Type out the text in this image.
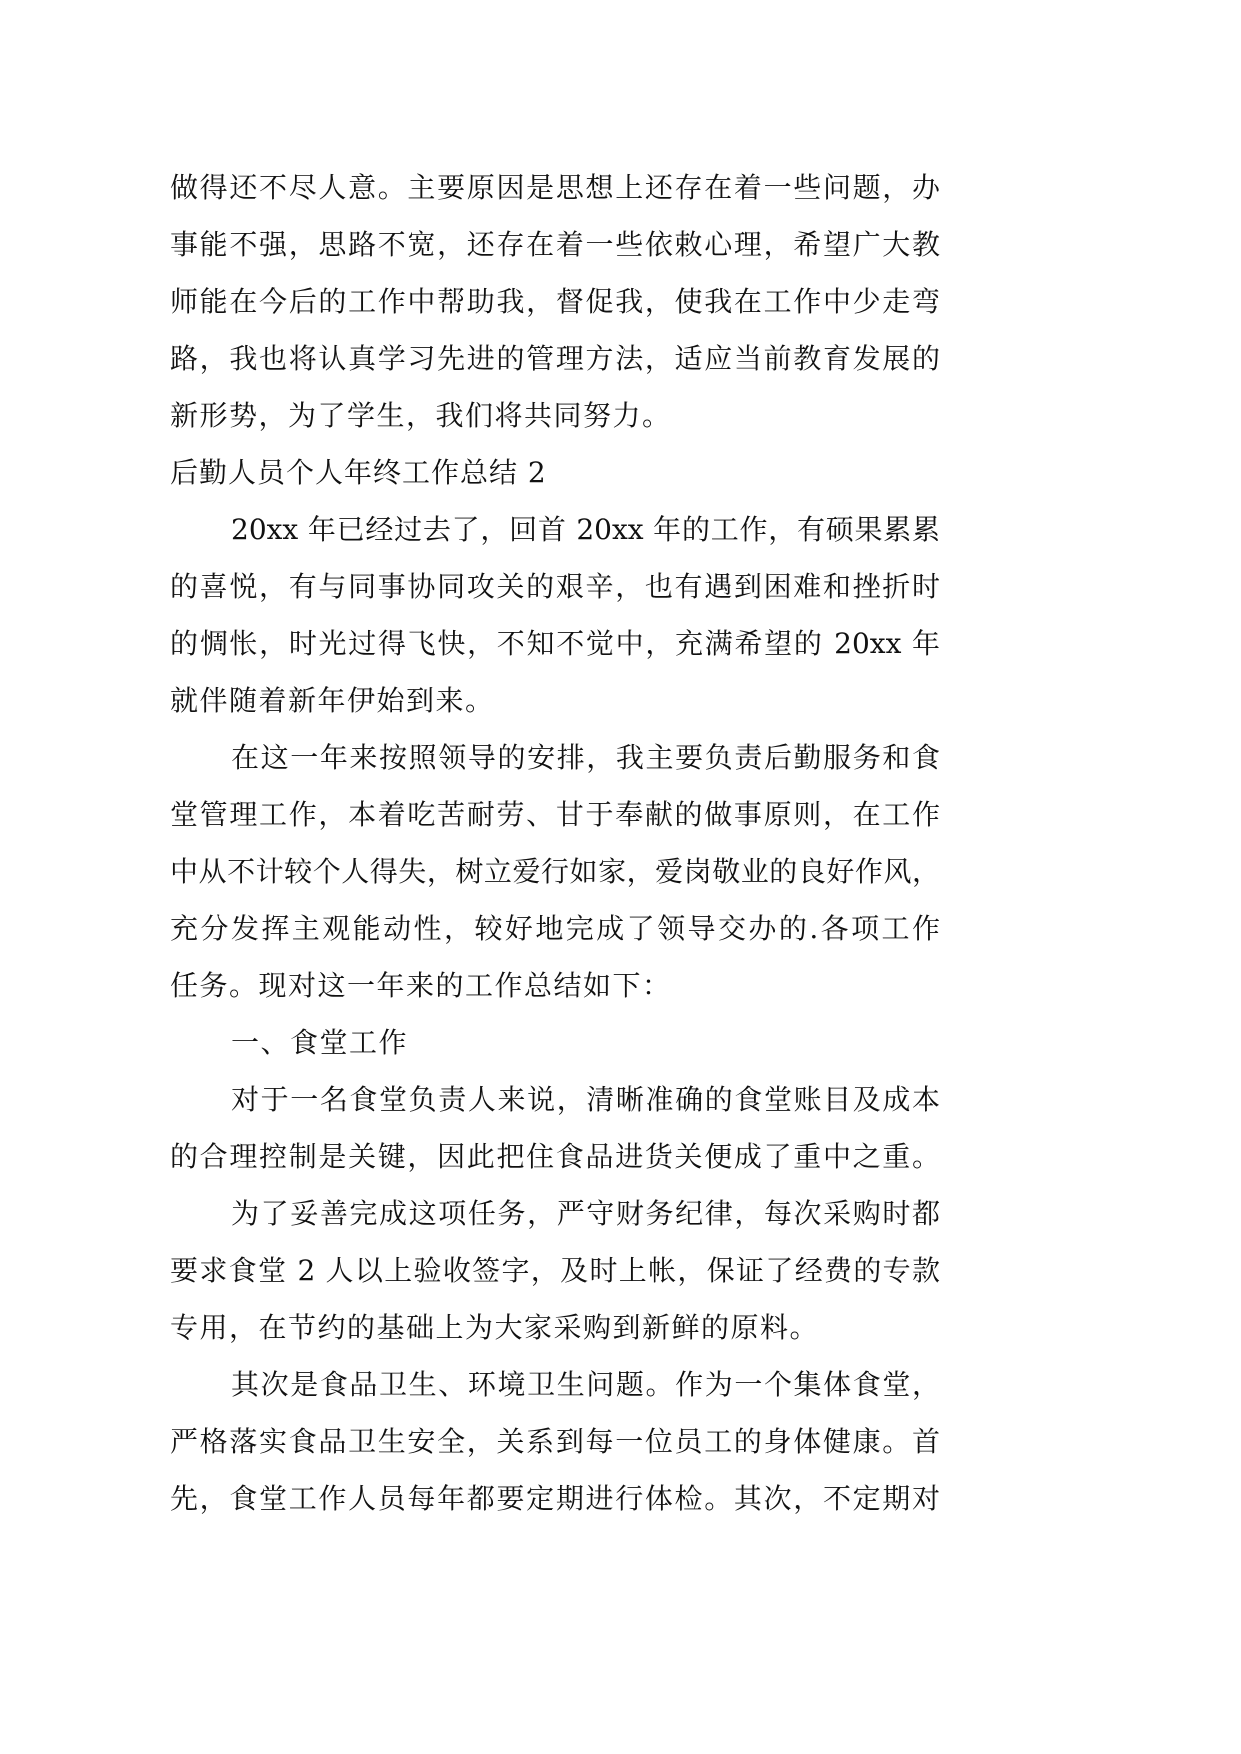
做得还不尽人意。主要原因是思想上还存在着一些问题，办
事能不强，思路不宽，还存在着一些依敕心理，希望广大教
师能在今后的工作中帮助我，督促我，使我在工作中少走弯
路，我也将认真学习先进的管理方法，适应当前教育发展的
新形势，为了学生，我们将共同努力。
后勤人员个人年终工作总结 2
20xx 年已经过去了，回首 20xx 年的工作，有硕果累累
的喜悦，有与同事协同攻关的艰辛，也有遇到困难和挫折时
的惆怅，时光过得飞快，不知不觉中，充满希望的 20xx 年
就伴随着新年伊始到来。
在这一年来按照领导的安排，我主要负责后勤服务和食
堂管理工作，本着吃苦耐劳、甘于奉献的做事原则，在工作
中从不计较个人得失，树立爱行如家，爱岗敬业的良好作风，
充分发挥主观能动性，较好地完成了领导交办的.各项工作
任务。现对这一年来的工作总结如下：
一、食堂工作
对于一名食堂负责人来说，清晰准确的食堂账目及成本
的合理控制是关键，因此把住食品进货关便成了重中之重。
为了妥善完成这项任务，严守财务纪律，每次采购时都
要求食堂 2 人以上验收签字，及时上帐，保证了经费的专款
专用，在节约的基础上为大家采购到新鲜的原料。
其次是食品卫生、环境卫生问题。作为一个集体食堂，
严格落实食品卫生安全，关系到每一位员工的身体健康。首
先，食堂工作人员每年都要定期进行体检。其次，不定期对
